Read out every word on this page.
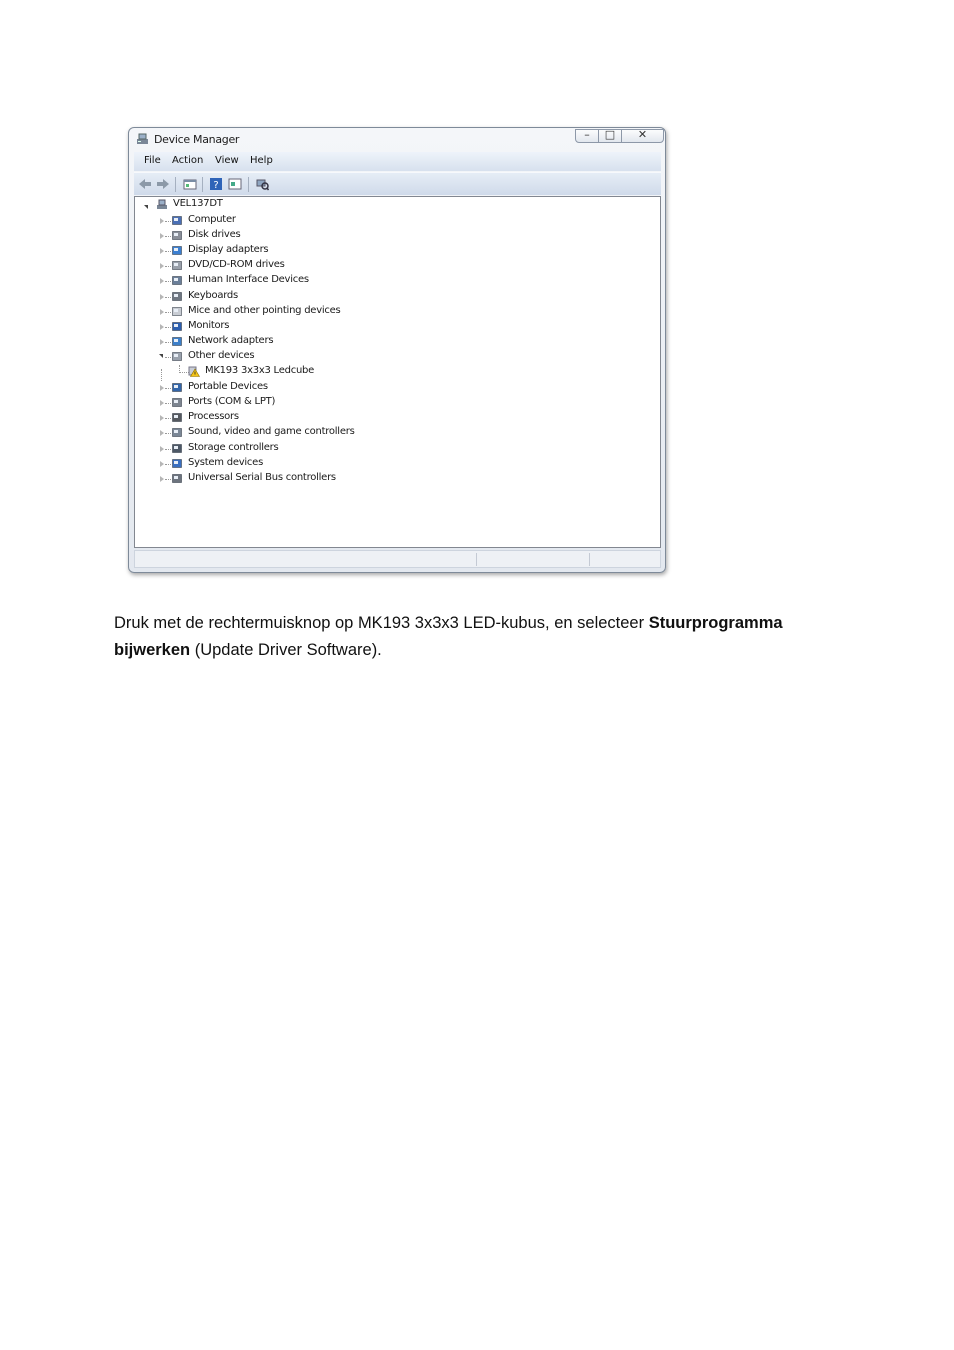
Device Manager	–	□	✕
File Action View Help
?
VEL137DT
Computer
Disk drives
Display adapters
DVD/CD-ROM drives
Human Interface Devices
Keyboards
Mice and other pointing devices
Monitors
Network adapters
Other devices
Portable Devices
Ports (COM & LPT)
Processors
Sound, video and game controllers
Storage controllers
System devices
Universal Serial Bus controllers
MK193 3x3x3 Ledcube
Druk met de rechtermuisknop op MK193 3x3x3 LED-kubus, en selecteer Stuurprogramma bijwerken (Update Driver Software).
